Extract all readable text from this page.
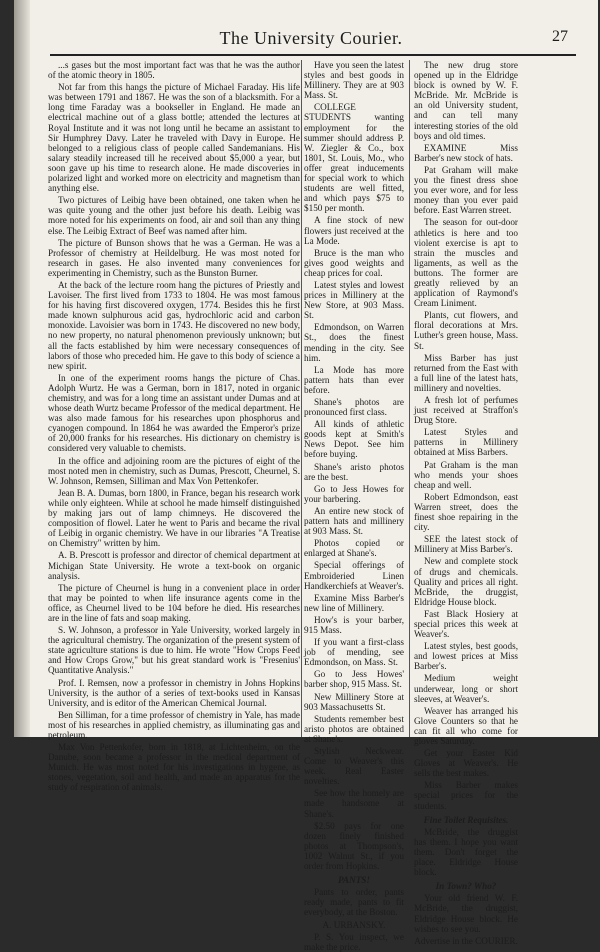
The University Courier.	27

...s gases but the most important fact was that he was the author of the atomic theory in 1805.

Not far from this hangs the picture of Michael Faraday. His life was between 1791 and 1867. He was the son of a blacksmith. For a long time Faraday was a bookseller in England. He made an electrical machine out of a glass bottle; attended the lectures at Royal Institute and it was not long until he became an assistant to Sir Humphrey Davy. Later he traveled with Davy in Europe. He belonged to a religious class of people called Sandemanians. His salary steadily increased till he received about $5,000 a year, but soon gave up his time to research alone. He made discoveries in polarized light and worked more on electricity and magnetism than anything else.

Two pictures of Leibig have been obtained, one taken when he was quite young and the other just before his death. Leibig was more noted for his experiments on food, air and soil than any thing else. The Leibig Extract of Beef was named after him.

The picture of Bunson shows that he was a German. He was a Professor of chemistry at Heildelburg. He was most noted for research in gases. He also invented many conveniences for experimenting in Chemistry, such as the Bunston Burner.

At the back of the lecture room hang the pictures of Priestly and Lavoiser. The first lived from 1733 to 1804. He was most famous for his having first discovered oxygen, 1774. Besides this he first made known sulphurous acid gas, hydrochloric acid and carbon monoxide. Lavoisier was born in 1743. He discovered no new body, no new property, no natural phenomenon previously unknown; but all the facts established by him were necessary consequences of labors of those who preceded him. He gave to this body of science a new spirit.

In one of the experiment rooms hangs the picture of Chas. Adolph Wurtz. He was a German, born in 1817, noted in organic chemistry, and was for a long time an assistant under Dumas and at whose death Wurtz became Professor of the medical department. He was also made famous for his researches upon phosphorus and cyanogen compound. In 1864 he was awarded the Emperor's prize of 20,000 franks for his researches. His dictionary on chemistry is considered very valuable to chemists.

In the office and adjoining room are the pictures of eight of the most noted men in chemistry, such as Dumas, Prescott, Cheurnel, S. W. Johnson, Remsen, Silliman and Max Von Pettenkofer.

Jean B. A. Dumas, born 1800, in France, began his research work while only eighteen. While at school he made himself distinguished by making jars out of lamp chimneys. He discovered the composition of flowel. Later he went to Paris and became the rival of Leibig in organic chemistry. We have in our libraries "A Treatise on Chemistry" written by him.

A. B. Prescott is professor and director of chemical department at Michigan State University. He wrote a text-book on organic analysis.

The picture of Cheurnel is hung in a convenient place in order that may be pointed to when life insurance agents come in the office, as Cheurnel lived to be 104 before he died. His researches are in the line of fats and soap making.

S. W. Johnson, a professor in Yale University, worked largely in the agricultural chemistry. The organization of the present system of state agriculture stations is due to him. He wrote "How Crops Feed and How Crops Grow," but his great standard work is "Fresenius' Quantitative Analysis."

Prof. I. Remsen, now a professor in chemistry in Johns Hopkins University, is the author of a series of text-books used in Kansas University, and is editor of the American Chemical Journal.

Ben Silliman, for a time professor of chemistry in Yale, has made most of his researches in applied chemistry, as illuminating gas and petroleum.

Max Von Pettenkofer, born in 1818, at Lichtenheim, on the Danube, soon became a professor in the medical department of Munich. He was most noted for his investigations in hygene, as stones, vegetation, soil and health, and made an apparatus for the study of respiration of animals.

Have you seen the latest styles and best goods in Millinery. They are at 903 Mass. St.

COLLEGE STUDENTS wanting employment for the summer should address P. W. Ziegler & Co., box 1801, St. Louis, Mo., who offer great inducements for special work to which students are well fitted, and which pays $75 to $150 per month.

A fine stock of new flowers just received at the La Mode.

Bruce is the man who gives good weights and cheap prices for coal.

Latest styles and lowest prices in Millinery at the New Store, at 903 Mass. St.

Edmondson, on Warren St., does the finest mending in the city. See him.

La Mode has more pattern hats than ever before.

Shane's photos are pronounced first class.

All kinds of athletic goods kept at Smith's News Depot. See him before buying.

Shane's aristo photos are the best.

Go to Jess Howes for your barbering.

An entire new stock of pattern hats and millinery at 903 Mass. St.

Photos copied or enlarged at Shane's.

Special offerings of Embroideried Linen Handkerchiefs at Weaver's.

Examine Miss Barber's new line of Millinery.

How's is your barber, 915 Mass.

If you want a first-class job of mending, see Edmondson, on Mass. St.

Go to Jess Howes' barber shop, 915 Mass. St.

New Millinery Store at 903 Massachusetts St.

Students remember best aristo photos are obtained at Shane's.

Stylish Neckwear. Come to Weaver's this week. Real Easter novelties.

See how the homely are made handsome at Shane's.

$2.50 pays for one dozen finely finished photos at Thompson's, 1002 Walnut St., if you order from Hopkins.

PANTS!

Pants to order, pants ready made, pants to fit everybody, at the Boston.

A. URBANSKY.

P. S. You inspect, we make the price.

The new drug store opened up in the Eldridge block is owned by W. F. McBride. Mr. McBride is an old University student, and can tell many interesting stories of the old boys and old times.

EXAMINE Miss Barber's new stock of hats.

Pat Graham will make you the finest dress shoe you ever wore, and for less money than you ever paid before. East Warren street.

The season for out-door athletics is here and too violent exercise is apt to strain the muscles and ligaments, as well as the buttons. The former are greatly relieved by an application of Raymond's Cream Liniment.

Plants, cut flowers, and floral decorations at Mrs. Luther's green house, Mass. St.

Miss Barber has just returned from the East with a full line of the latest hats, millinery and novelties.

A fresh lot of perfumes just received at Straffon's Drug Store.

Latest Styles and patterns in Millinery obtained at Miss Barbers.

Pat Graham is the man who mends your shoes cheap and well.

Robert Edmondson, east Warren street, does the finest shoe repairing in the city.

SEE the latest stock of Millinery at Miss Barber's.

New and complete stock of drugs and chemicals. Quality and prices all right. McBride, the druggist, Eldridge House block.

Fast Black Hosiery at special prices this week at Weaver's.

Latest styles, best goods, and lowest prices at Miss Barber's.

Medium weight underwear, long or short sleeves, at Weaver's.

Weaver has arranged his Glove Counters so that he can fit all who come for gloves Saturday.

Get your Easter Kid Gloves at Weaver's. He sells the best makes.

Miss Barber makes special prices for the students.

Fine Toilet Requisites.

McBride, the druggist has them. I hope you want them. Don't forget the place. Eldridge House block.

In Town? Who?

Your old friend W. F. McBride, the druggist, Eldridge House block. He wishes to see you.

Advertise in the COURIER.
